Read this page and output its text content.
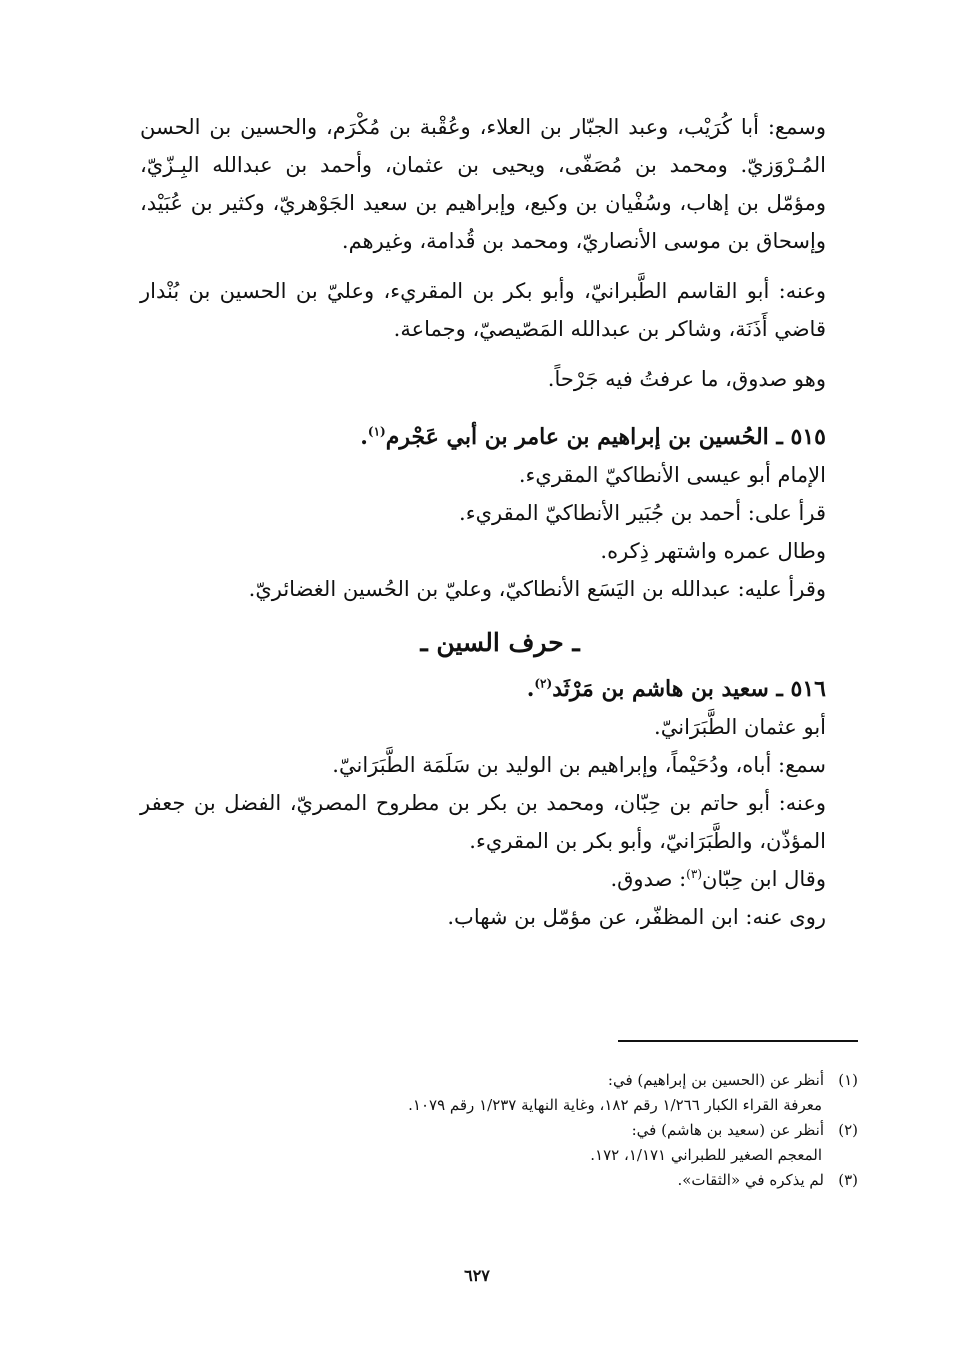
وسمع: أبا كُرَيْب، وعبد الجبّار بن العلاء، وعُقْبة بن مُكْرَم، والحسين بن الحسن المُـرْوَزيّ. ومحمد بن مُصَفّى، ويحيى بن عثمان، وأحمد بن عبدالله البِـزّيّ، ومؤمّل بن إهاب، وسُفْيان بن وكيع، وإبراهيم بن سعيد الجَوْهريّ، وكثير بن عُبَيْد، وإسحاق بن موسى الأنصاريّ، ومحمد بن قُدامة، وغيرهم.

وعنه: أبو القاسم الطَّبرانيّ، وأبو بكر بن المقريء، وعليّ بن الحسين بن بُنْدار قاضي أَذَنَة، وشاكر بن عبدالله المَصّيصيّ، وجماعة.

وهو صدوق، ما عرفتُ فيه جَرْحاً.

٥١٥ ـ الحُسين بن إبراهيم بن عامر بن أبي عَجْرم$^{(١)}$.

الإمام أبو عيسى الأنطاكيّ المقريء.

قرأ على: أحمد بن جُبَير الأنطاكيّ المقريء.

وطال عمره واشتهر ذِكره.

وقرأ عليه: عبدالله بن اليَسَع الأنطاكيّ، وعليّ بن الحُسين الغضائريّ.

ـ حرف السين ـ

٥١٦ ـ سعيد بن هاشم بن مَرْثَد$^{(٢)}$.

أبو عثمان الطَّبَرَانيّ.

سمع: أباه، ودُحَيْماً، وإبراهيم بن الوليد بن سَلَمَة الطَّبَرَانيّ.

وعنه: أبو حاتم بن حِبّان، ومحمد بن بكر بن مطروح المصريّ، الفضل بن جعفر المؤذّن، والطَّبَرَانيّ، وأبو بكر بن المقريء.

وقال ابن حِبّان$^{(٣)}$: صدوق.

روى عنه: ابن المظفّر، عن مؤمّل بن شهاب.

(١)أنظر عن (الحسين بن إبراهيم) في:

معرفة القراء الكبار ١/٢٦٦ رقم ١٨٢، وغاية النهاية ١/٢٣٧ رقم ١٠٧٩.

(٢)أنظر عن (سعيد بن هاشم) في:

المعجم الصغير للطبراني ١/١٧١، ١٧٢.

(٣)لم يذكره في «الثقات».

٦٢٧
